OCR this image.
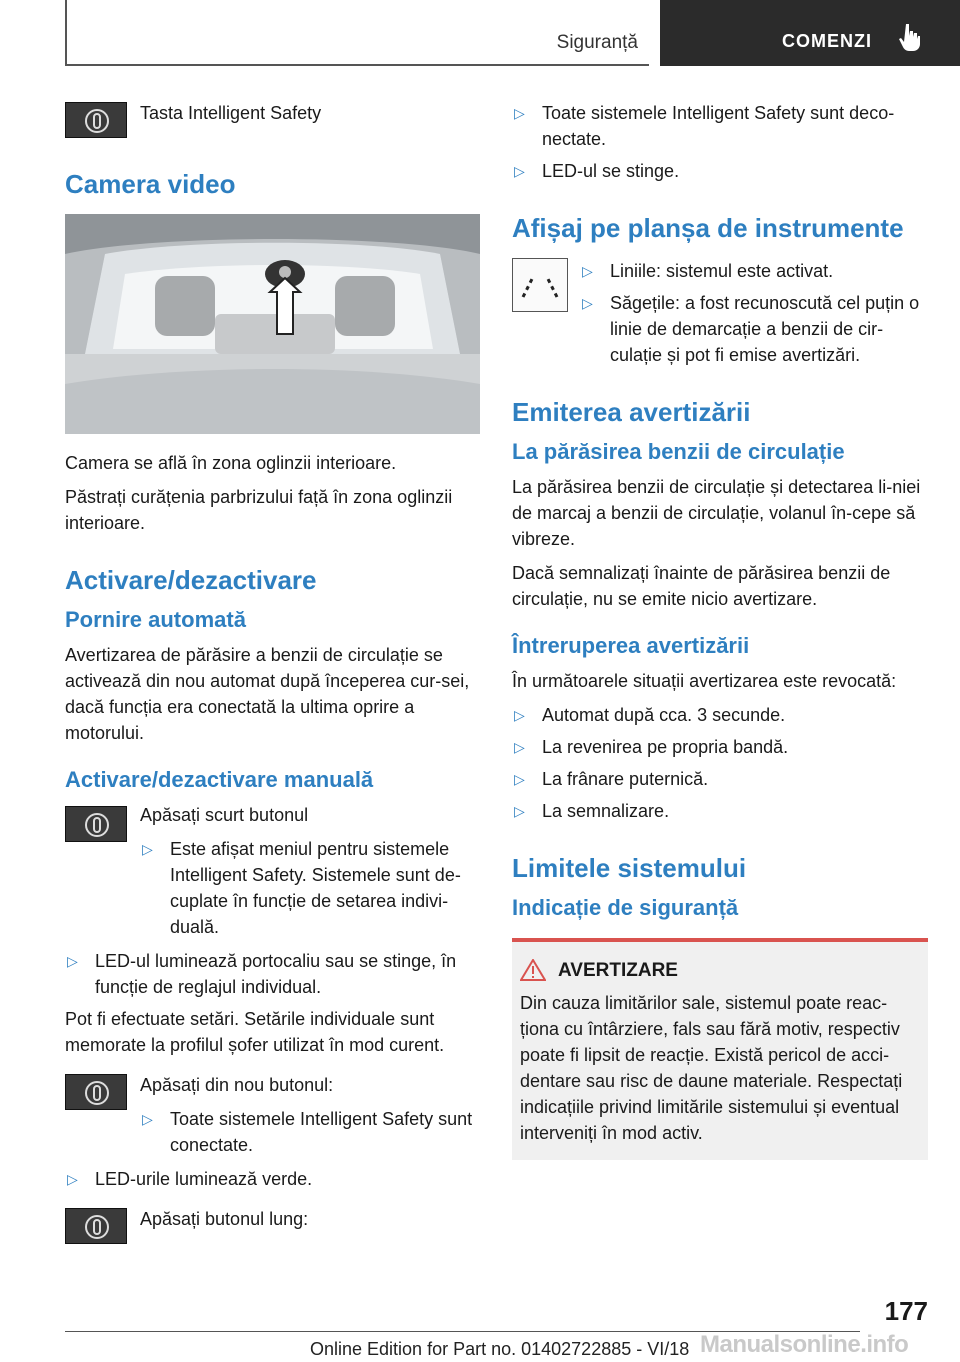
Siguranță	COMENZI
Tasta Intelligent Safety
Camera video
Camera se află în zona oglinzii interioare.
Păstrați curățenia parbrizului față în zona oglinzii interioare.
Activare/dezactivare
Pornire automată
Avertizarea de părăsire a benzii de circulație se activează din nou automat după începerea cur-sei, dacă funcția era conectată la ultima oprire a motorului.
Activare/dezactivare manuală
Apăsați scurt butonul
▷ Este afișat meniul pentru sistemele Intelligent Safety. Sistemele sunt de-cuplate în funcție de setarea indivi-duală.
▷ LED-ul luminează portocaliu sau se stinge, în funcție de reglajul individual.
Pot fi efectuate setări. Setările individuale sunt memorate la profilul șofer utilizat în mod curent.
Apăsați din nou butonul:
▷ Toate sistemele Intelligent Safety sunt conectate.
▷ LED-urile luminează verde.
Apăsați butonul lung:
▷ Toate sistemele Intelligent Safety sunt deco-nectate.
▷ LED-ul se stinge.
Afișaj pe planșa de instrumente
▷ Liniile: sistemul este activat.
▷ Săgețile: a fost recunoscută cel puțin o linie de demarcație a benzii de cir-culație și pot fi emise avertizări.
Emiterea avertizării
La părăsirea benzii de circulație
La părăsirea benzii de circulație și detectarea li-niei de marcaj a benzii de circulație, volanul în-cepe să vibreze.
Dacă semnalizați înainte de părăsirea benzii de circulație, nu se emite nicio avertizare.
Întreruperea avertizării
În următoarele situații avertizarea este revocată:
▷ Automat după cca. 3 secunde.
▷ La revenirea pe propria bandă.
▷ La frânare puternică.
▷ La semnalizare.
Limitele sistemului
Indicație de siguranță
AVERTIZARE
Din cauza limitărilor sale, sistemul poate reac-ționa cu întârziere, fals sau fără motiv, respectiv poate fi lipsit de reacție. Există pericol de acci-dentare sau risc de daune materiale. Respectați indicațiile privind limitările sistemului și eventual interveniți în mod activ.
177
Online Edition for Part no. 01402722885 - VI/18 Manualsonline.info
